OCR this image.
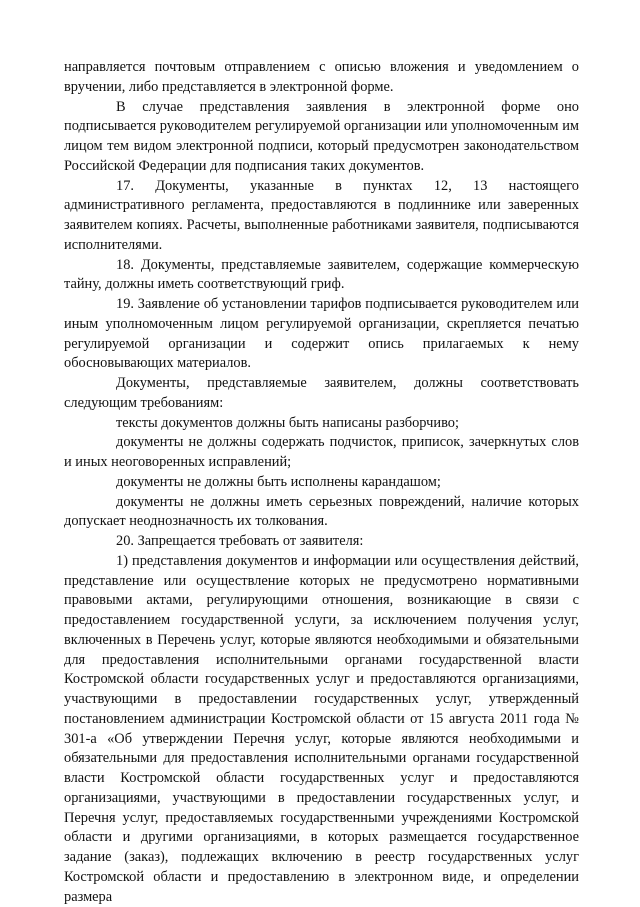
направляется почтовым отправлением с описью вложения и уведомлением о вручении, либо представляется в электронной форме.

В случае представления заявления в электронной форме оно подписывается руководителем регулируемой организации или уполномоченным им лицом тем видом электронной подписи, который предусмотрен законодательством Российской Федерации для подписания таких документов.

17. Документы, указанные в пунктах 12, 13 настоящего административного регламента, предоставляются в подлиннике или заверенных заявителем копиях. Расчеты, выполненные работниками заявителя, подписываются исполнителями.

18. Документы, представляемые заявителем, содержащие коммерческую тайну, должны иметь соответствующий гриф.

19. Заявление об установлении тарифов подписывается руководителем или иным уполномоченным лицом регулируемой организации, скрепляется печатью регулируемой организации и содержит опись прилагаемых к нему обосновывающих материалов.

Документы, представляемые заявителем, должны соответствовать следующим требованиям:

тексты документов должны быть написаны разборчиво;

документы не должны содержать подчисток, приписок, зачеркнутых слов и иных неоговоренных исправлений;

документы не должны быть исполнены карандашом;

документы не должны иметь серьезных повреждений, наличие которых допускает неоднозначность их толкования.

20. Запрещается требовать от заявителя:

1) представления документов и информации или осуществления действий, представление или осуществление которых не предусмотрено нормативными правовыми актами, регулирующими отношения, возникающие в связи с предоставлением государственной услуги, за исключением получения услуг, включенных в Перечень услуг, которые являются необходимыми и обязательными для предоставления исполнительными органами государственной власти Костромской области государственных услуг и предоставляются организациями, участвующими в предоставлении государственных услуг, утвержденный постановлением администрации Костромской области от 15 августа 2011 года № 301-а «Об утверждении Перечня услуг, которые являются необходимыми и обязательными для предоставления исполнительными органами государственной власти Костромской области государственных услуг и предоставляются организациями, участвующими в предоставлении государственных услуг, и Перечня услуг, предоставляемых государственными учреждениями Костромской области и другими организациями, в которых размещается государственное задание (заказ), подлежащих включению в реестр государственных услуг Костромской области и предоставлению в электронном виде, и определении размера
